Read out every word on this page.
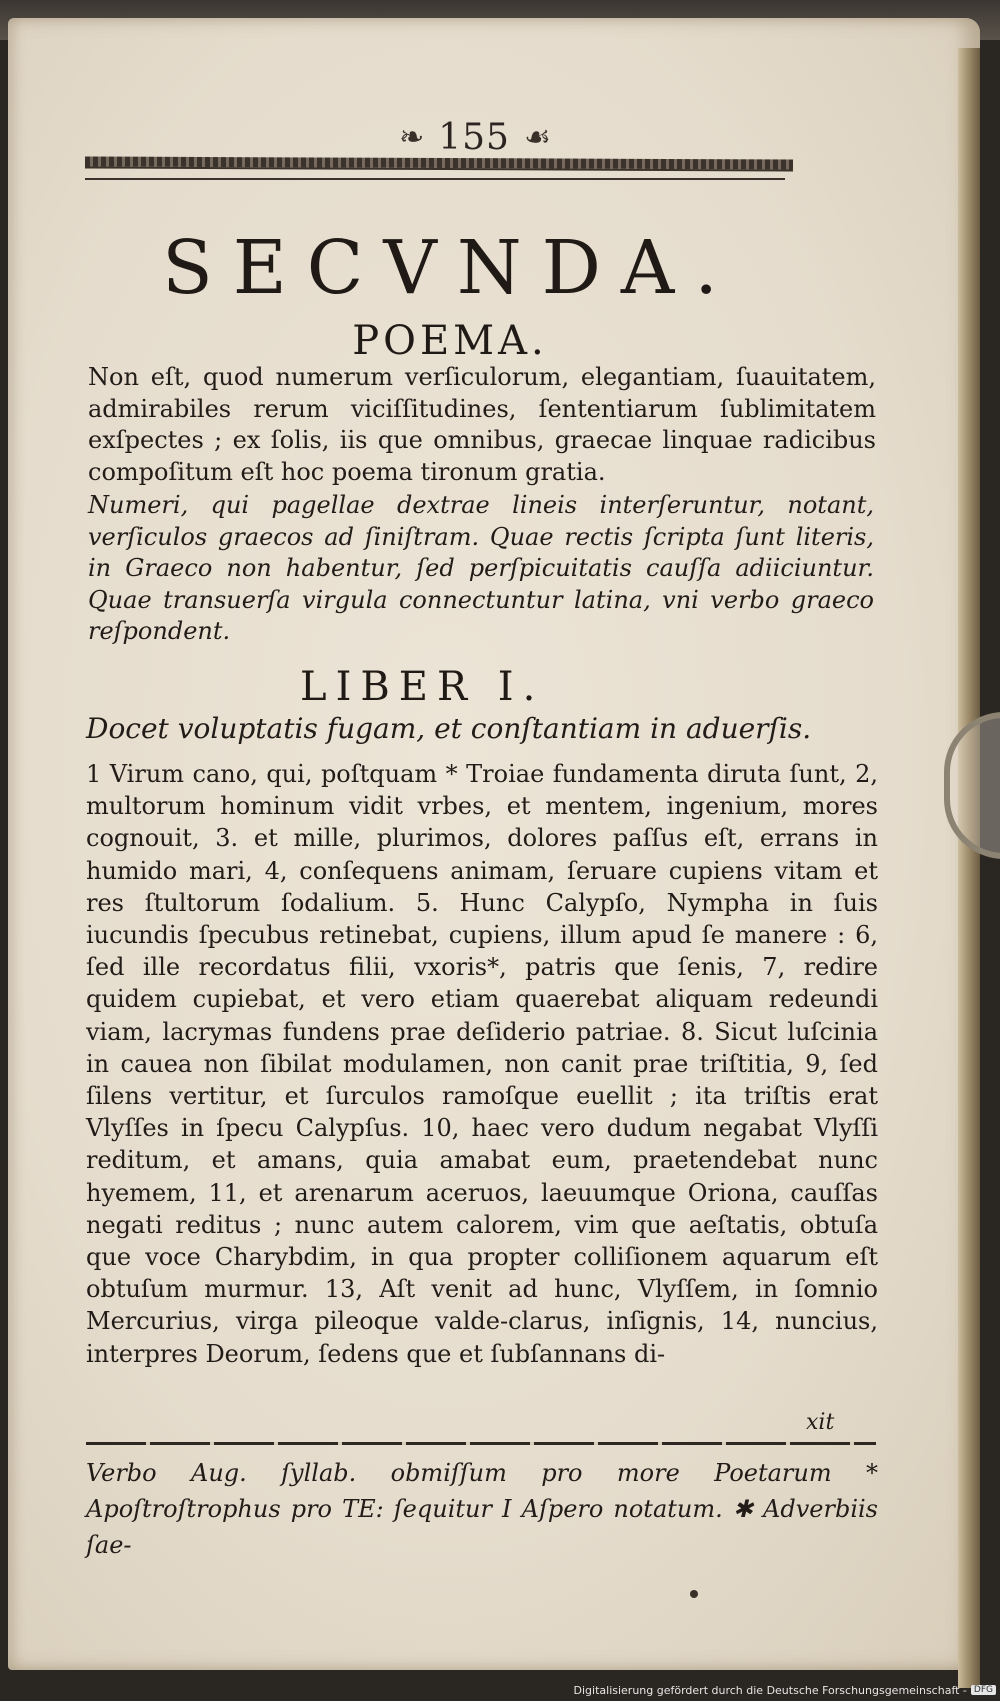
❧ 155 ☙
SECVNDA.
POEMA.

Non eſt, quod numerum verſiculorum, elegantiam, ſuauitatem, admirabiles rerum viciſſitudines, ſententiarum ſublimitatem exſpectes ; ex ſolis, iis que omnibus, graecae linquae radicibus compoſitum eſt hoc poema tironum gratia.

Numeri, qui pagellae dextrae lineis interſeruntur, notant, verſiculos graecos ad ſiniſtram. Quae rectis ſcripta ſunt literis, in Graeco non habentur, ſed perſpicuitatis cauſſa adiiciuntur. Quae transuerſa virgula connectuntur latina, vni verbo graeco reſpondent.

LIBER I.
Docet voluptatis fugam, et conſtantiam in aduerſis.

1 Virum cano, qui, poſtquam * Troiae fundamenta diruta ſunt, 2, multorum hominum vidit vrbes, et mentem, ingenium, mores cognouit, 3. et mille, plurimos, dolores paſſus eſt, errans in humido mari, 4, conſequens animam, ſeruare cupiens vitam et res ſtultorum ſodalium. 5. Hunc Calypſo, Nympha in ſuis iucundis ſpecubus retinebat, cupiens, illum apud ſe manere : 6, ſed ille recordatus filii, vxoris*, patris que ſenis, 7, redire quidem cupiebat, et vero etiam quaerebat aliquam redeundi viam, lacrymas fundens prae deſiderio patriae. 8. Sicut luſcinia in cauea non ſibilat modulamen, non canit prae triſtitia, 9, ſed ſilens vertitur, et ſurculos ramoſque euellit ; ita triſtis erat Vlyſſes in ſpecu Calypſus. 10, haec vero dudum negabat Vlyſſi reditum, et amans, quia amabat eum, praetendebat nunc hyemem, 11, et arenarum aceruos, laeuumque Oriona, cauſſas negati reditus ; nunc autem calorem, vim que aeſtatis, obtuſa que voce Charybdim, in qua propter colliſionem aquarum eſt obtuſum murmur. 13, Aſt venit ad hunc, Vlyſſem, in ſomnio Mercurius, virga pileoque valde-clarus, inſignis, 14, nuncius, interpres Deorum, ſedens que et ſubſannans di-

xit
Verbo Aug. ſyllab. obmiſſum pro more Poetarum * Apoſtroſtrophus pro TE: ſequitur I Aſpero notatum. ✱ Adverbiis ſae-
Digitalisierung gefördert durch die Deutsche Forschungsgemeinschaft - DFG
